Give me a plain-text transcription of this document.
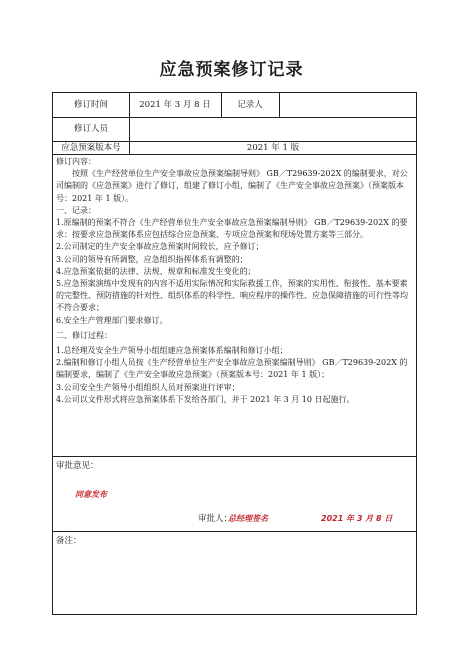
应急预案修订记录
修订时间	2021 年 3 月 8 日	记录人
修订人员
应急预案版本号	2021 年 1 版

修订内容：

按照《生产经营单位生产安全事故应急预案编制导则》 GB／T29639-202X 的编制要求，对公司编制的《应急预案》进行了修订，组建了修订小组，编制了《生产安全事故应急预案》（预案版本号：2021 年 1 版）。

一、记录：

1.原编制的预案不符合《生产经营单位生产安全事故应急预案编制导则》 GB／T29639-202X 的要求：按要求应急预案体系应包括综合应急预案、专项应急预案和现场处置方案等三部分。

2.公司制定的生产安全事故应急预案时间较长，应予修订；

3.公司的领导有所调整，应急组织指挥体系有调整的；

4.应急预案依据的法律、法规、规章和标准发生变化的；

5.应急预案演练中发现有的内容不适用实际情况和实际救援工作，预案的实用性、衔接性、基本要素的完整性、预防措施的针对性、组织体系的科学性、响应程序的操作性、应急保障措施的可行性等均不符合要求；

6.安全生产管理部门要求修订。

二、修订过程：

1.总经理及安全生产领导小组组建应急预案体系编制和修订小组；

2.编制和修订小组人员按《生产经营单位生产安全事故应急预案编制导则》 GB／T29639-202X 的编制要求，编制了《生产安全事故应急预案》（预案版本号：2021 年 1 版）；

3.公司安全生产领导小组组织人员对预案进行评审；

4.公司以文件形式将应急预案体系下发给各部门，并于 2021 年 3 月 10 日起施行。

审批意见：
同意发布
审批人：
总经理签名	2021 年 3 月 8 日
备注：
